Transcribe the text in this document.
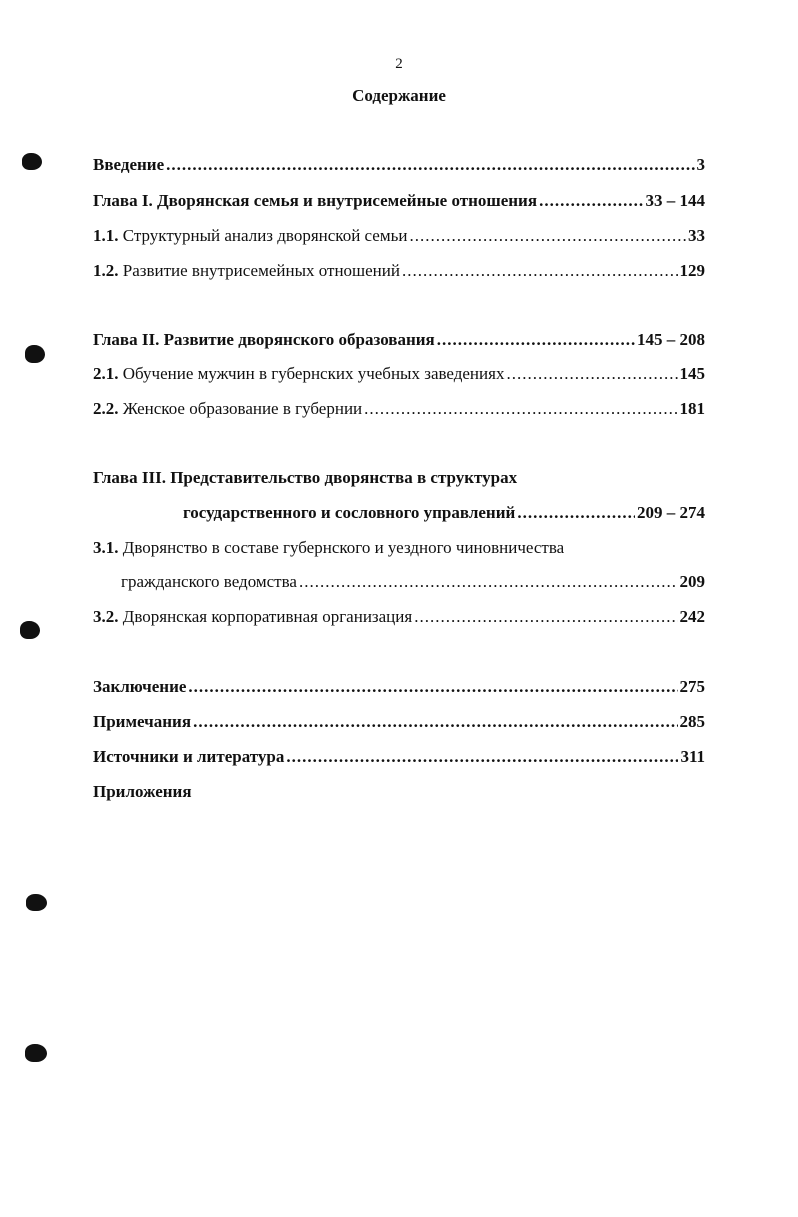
2
Содержание
Введение .....	3
Глава I. Дворянская семья и внутрисемейные отношения .....	33 – 144
1.1. Структурный анализ дворянской семьи .....	33
1.2. Развитие внутрисемейных отношений .....	129
Глава II. Развитие дворянского образования .....	145 – 208
2.1. Обучение мужчин в губернских учебных заведениях .....	145
2.2. Женское образование в губернии .....	181
Глава III. Представительство дворянства в структурах
государственного и сословного управлений .....	209 – 274
3.1. Дворянство в составе губернского и уездного чиновничества
гражданского ведомства .....	209
3.2. Дворянская корпоративная организация .....	242
Заключение .....	275
Примечания .....	285
Источники и литература .....	311
Приложения
